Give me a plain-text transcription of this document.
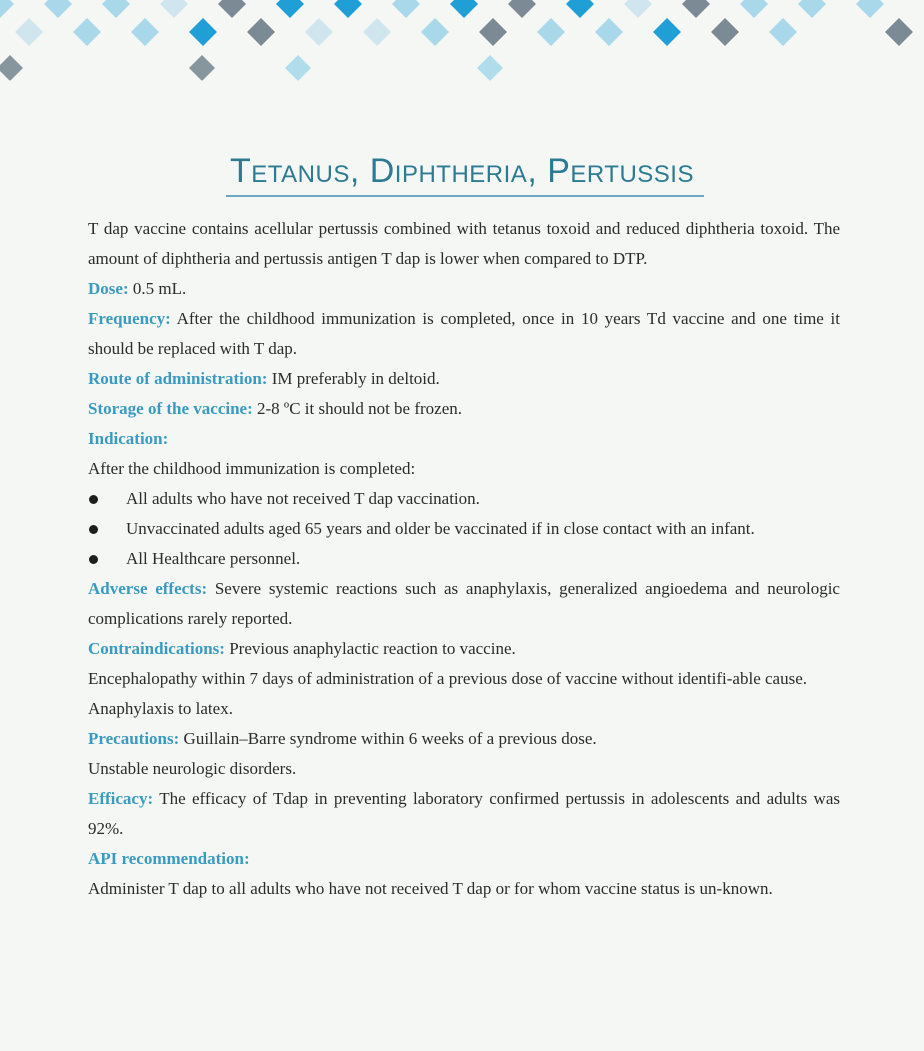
Tetanus, Diphtheria, Pertussis

T dap vaccine contains acellular pertussis combined with tetanus toxoid and reduced diphtheria toxoid. The amount of diphtheria and pertussis antigen T dap is lower when compared to DTP.

Dose: 0.5 mL.

Frequency: After the childhood immunization is completed, once in 10 years Td vaccine and one time it should be replaced with T dap.

Route of administration: IM preferably in deltoid.

Storage of the vaccine: 2-8 ºC it should not be frozen.

Indication:

After the childhood immunization is completed:

All adults who have not received T dap vaccination.
Unvaccinated adults aged 65 years and older be vaccinated if in close contact with an infant.
All Healthcare personnel.

Adverse effects: Severe systemic reactions such as anaphylaxis, generalized angioedema and neurologic complications rarely reported.

Contraindications: Previous anaphylactic reaction to vaccine.

Encephalopathy within 7 days of administration of a previous dose of vaccine without identifi-able cause.

Anaphylaxis to latex.

Precautions: Guillain–Barre syndrome within 6 weeks of a previous dose.

Unstable neurologic disorders.

Efficacy: The efficacy of Tdap in preventing laboratory confirmed pertussis in adolescents and adults was 92%.

API recommendation:

Administer T dap to all adults who have not received T dap or for whom vaccine status is un-known.
